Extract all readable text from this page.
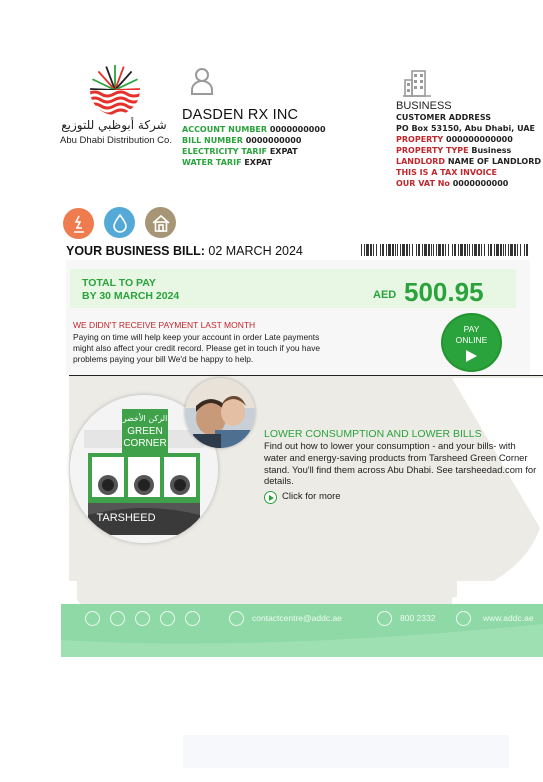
شركة أبوظبي للتوزيع
Abu Dhabi Distribution Co.
DASDEN RX INC
ACCOUNT NUMBER 0000000000
BILL NUMBER 0000000000
ELECTRICITY TARIF EXPAT
WATER TARIF EXPAT
BUSINESS
CUSTOMER ADDRESS
PO Box 53150, Abu Dhabi, UAE
PROPERTY 000000000000
PROPERTY TYPE Business
LANDLORD NAME OF LANDLORD
THIS IS A TAX INVOICE
OUR VAT No 0000000000
YOUR BUSINESS BILL: 02 MARCH 2024
TOTAL TO PAY
BY 30 MARCH 2024	AED 500.95
WE DIDN'T RECEIVE PAYMENT LAST MONTH
Paying on time will help keep your account in order Late payments might also affect your credit record. Please get in touch if you have problems paying your bill We'd be happy to help.
PAY
ONLINE
الركن الأخضر
GREEN
CORNER
TARSHEED
LOWER CONSUMPTION AND LOWER BILLS
Find out how to lower your consumption - and your bills- with water and energy-saving products from Tarsheed Green Corner stand. You'll find them across Abu Dhabi. See tarsheedad.com for details.
Click for more
contactcentre@addc.ae	800 2332	www.addc.ae
